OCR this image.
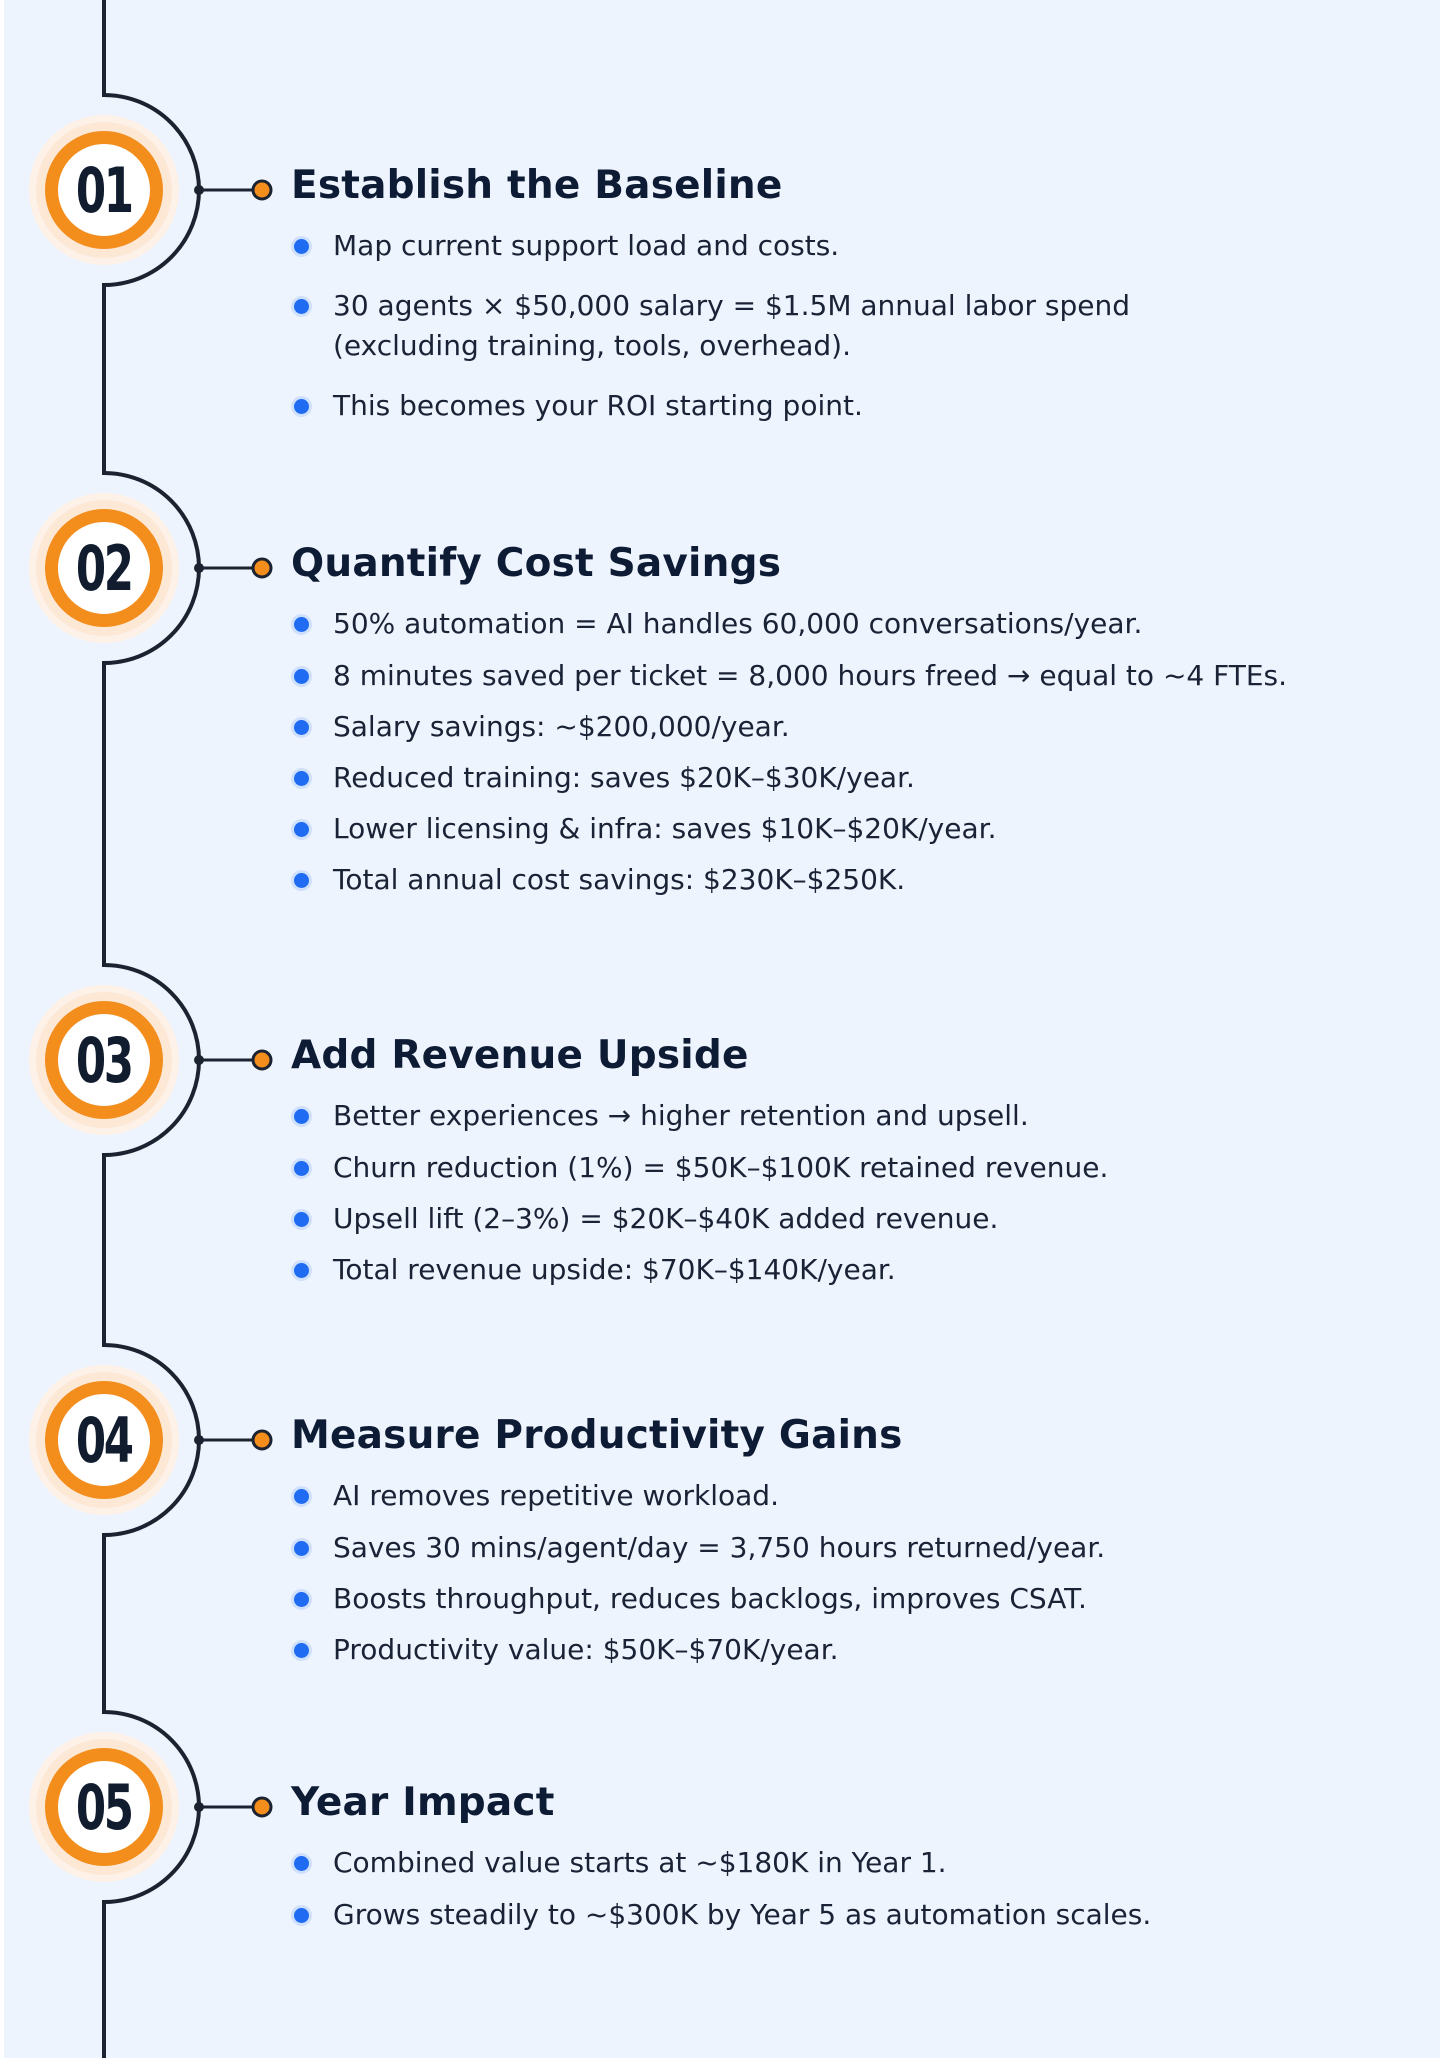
01	Establish the Baseline
Map current support load and costs.
30 agents × $50,000 salary = $1.5M annual labor spend
(excluding training, tools, overhead).
This becomes your ROI starting point.
02	Quantify Cost Savings
50% automation = AI handles 60,000 conversations/year.
8 minutes saved per ticket = 8,000 hours freed → equal to ~4 FTEs.
Salary savings: ~$200,000/year.
Reduced training: saves $20K–$30K/year.
Lower licensing & infra: saves $10K–$20K/year.
Total annual cost savings: $230K–$250K.
03	Add Revenue Upside
Better experiences → higher retention and upsell.
Churn reduction (1%) = $50K–$100K retained revenue.
Upsell lift (2–3%) = $20K–$40K added revenue.
Total revenue upside: $70K–$140K/year.
04	Measure Productivity Gains
AI removes repetitive workload.
Saves 30 mins/agent/day = 3,750 hours returned/year.
Boosts throughput, reduces backlogs, improves CSAT.
Productivity value: $50K–$70K/year.
05	Year Impact
Combined value starts at ~$180K in Year 1.
Grows steadily to ~$300K by Year 5 as automation scales.
